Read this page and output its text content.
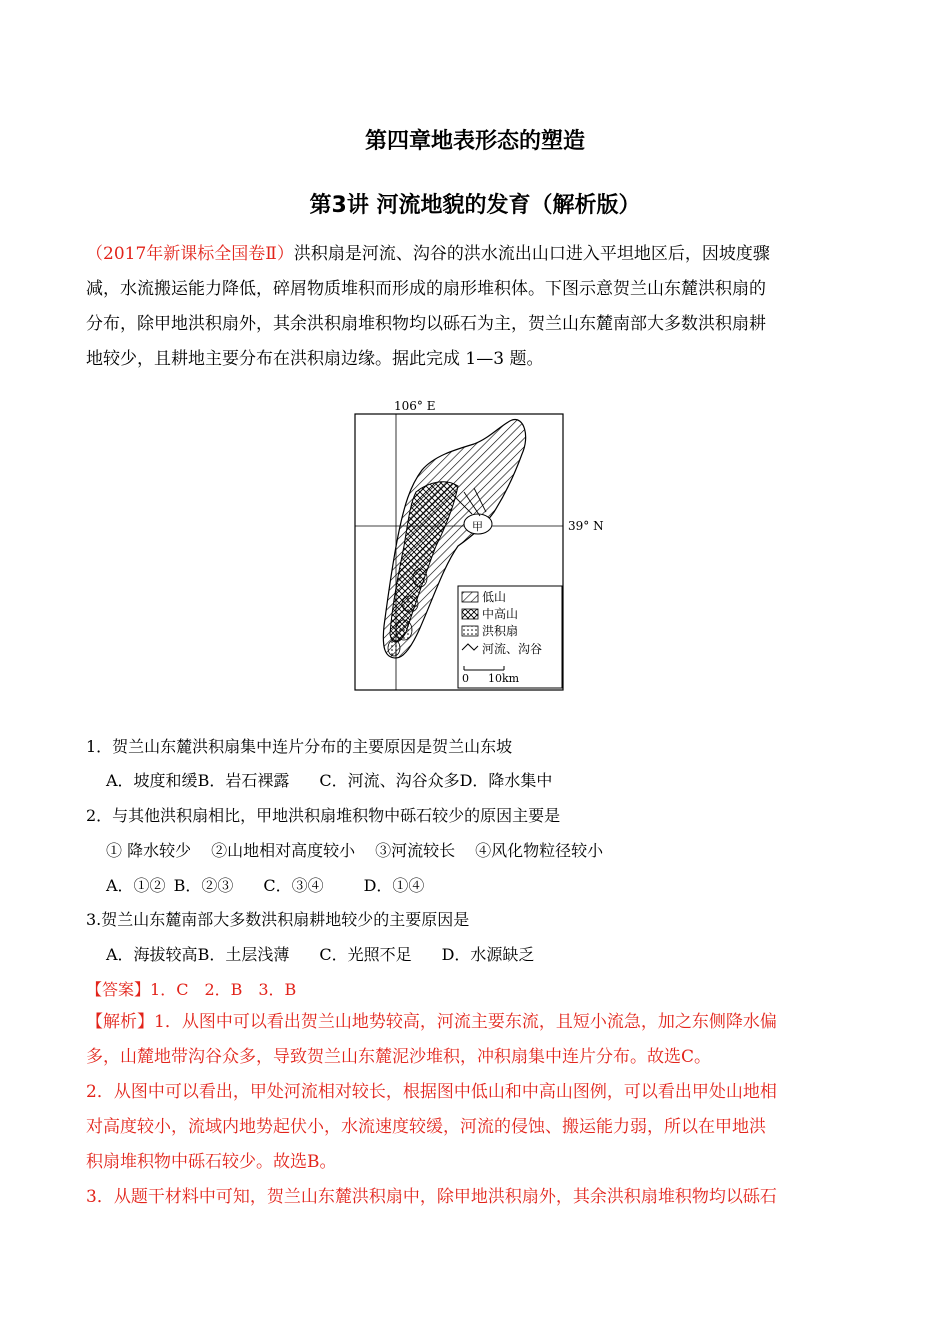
第四章地表形态的塑造
第3讲 河流地貌的发育（解析版）
（2017年新课标全国卷Ⅱ）洪积扇是河流、沟谷的洪水流出山口进入平坦地区后，因坡度骤
减，水流搬运能力降低，碎屑物质堆积而形成的扇形堆积体。下图示意贺兰山东麓洪积扇的
分布，除甲地洪积扇外，其余洪积扇堆积物均以砾石为主，贺兰山东麓南部大多数洪积扇耕
地较少，且耕地主要分布在洪积扇边缘。据此完成 1—3 题。
106° E
39° N
甲
低山
中高山
洪积扇
河流、沟谷
0 10km
1．贺兰山东麓洪积扇集中连片分布的主要原因是贺兰山东坡
A．坡度和缓B．岩石裸露 C．河流、沟谷众多D．降水集中
2．与其他洪积扇相比，甲地洪积扇堆积物中砾石较少的原因主要是
① 降水较少 ②山地相对高度较小 ③河流较长 ④风化物粒径较小
A．①② B．②③ C．③④	D．①④
3.贺兰山东麓南部大多数洪积扇耕地较少的主要原因是
A．海拔较高B．土层浅薄 C．光照不足 D．水源缺乏
【答案】1．C　2．B　3．B
【解析】1．从图中可以看出贺兰山地势较高，河流主要东流，且短小流急，加之东侧降水偏
多，山麓地带沟谷众多，导致贺兰山东麓泥沙堆积，冲积扇集中连片分布。故选C。
2．从图中可以看出，甲处河流相对较长，根据图中低山和中高山图例，可以看出甲处山地相
对高度较小，流域内地势起伏小，水流速度较缓，河流的侵蚀、搬运能力弱，所以在甲地洪
积扇堆积物中砾石较少。故选B。
3．从题干材料中可知，贺兰山东麓洪积扇中，除甲地洪积扇外，其余洪积扇堆积物均以砾石
